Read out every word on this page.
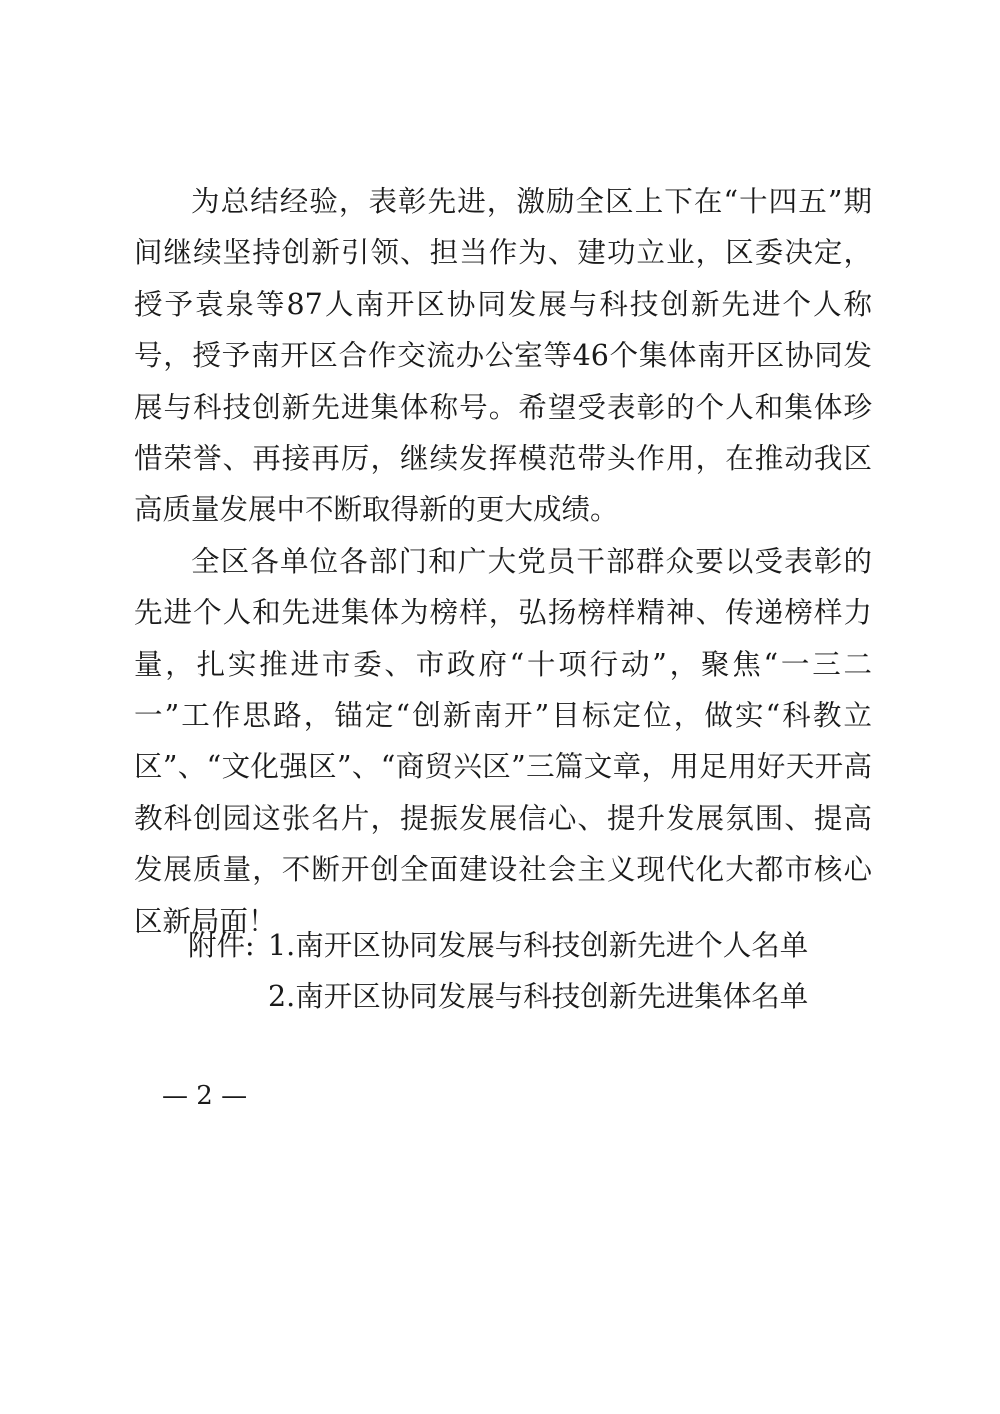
为总结经验，表彰先进，激励全区上下在“十四五”期间继续坚持创新引领、担当作为、建功立业，区委决定，授予袁泉等87人南开区协同发展与科技创新先进个人称号，授予南开区合作交流办公室等46个集体南开区协同发展与科技创新先进集体称号。希望受表彰的个人和集体珍惜荣誉、再接再厉，继续发挥模范带头作用，在推动我区高质量发展中不断取得新的更大成绩。

全区各单位各部门和广大党员干部群众要以受表彰的先进个人和先进集体为榜样，弘扬榜样精神、传递榜样力量，扎实推进市委、市政府“十项行动”，聚焦“一三二一”工作思路，锚定“创新南开”目标定位，做实“科教立区”、“文化强区”、“商贸兴区”三篇文章，用足用好天开高教科创园这张名片，提振发展信心、提升发展氛围、提高发展质量，不断开创全面建设社会主义现代化大都市核心区新局面！

附件: 1.南开区协同发展与科技创新先进个人名单
2.南开区协同发展与科技创新先进集体名单
— 2 —
